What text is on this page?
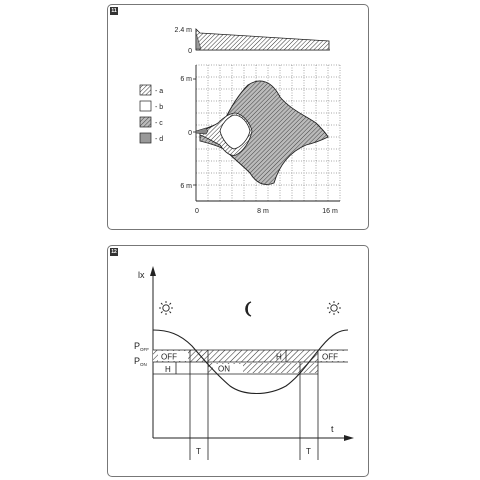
11
2.4 m
0
6 m
0
6 m
0	8 m	16 m
- a
- b
- c
- d
12
lx
t
OFF	OFF
ON
P OFF
P ON
H
H
T	T
